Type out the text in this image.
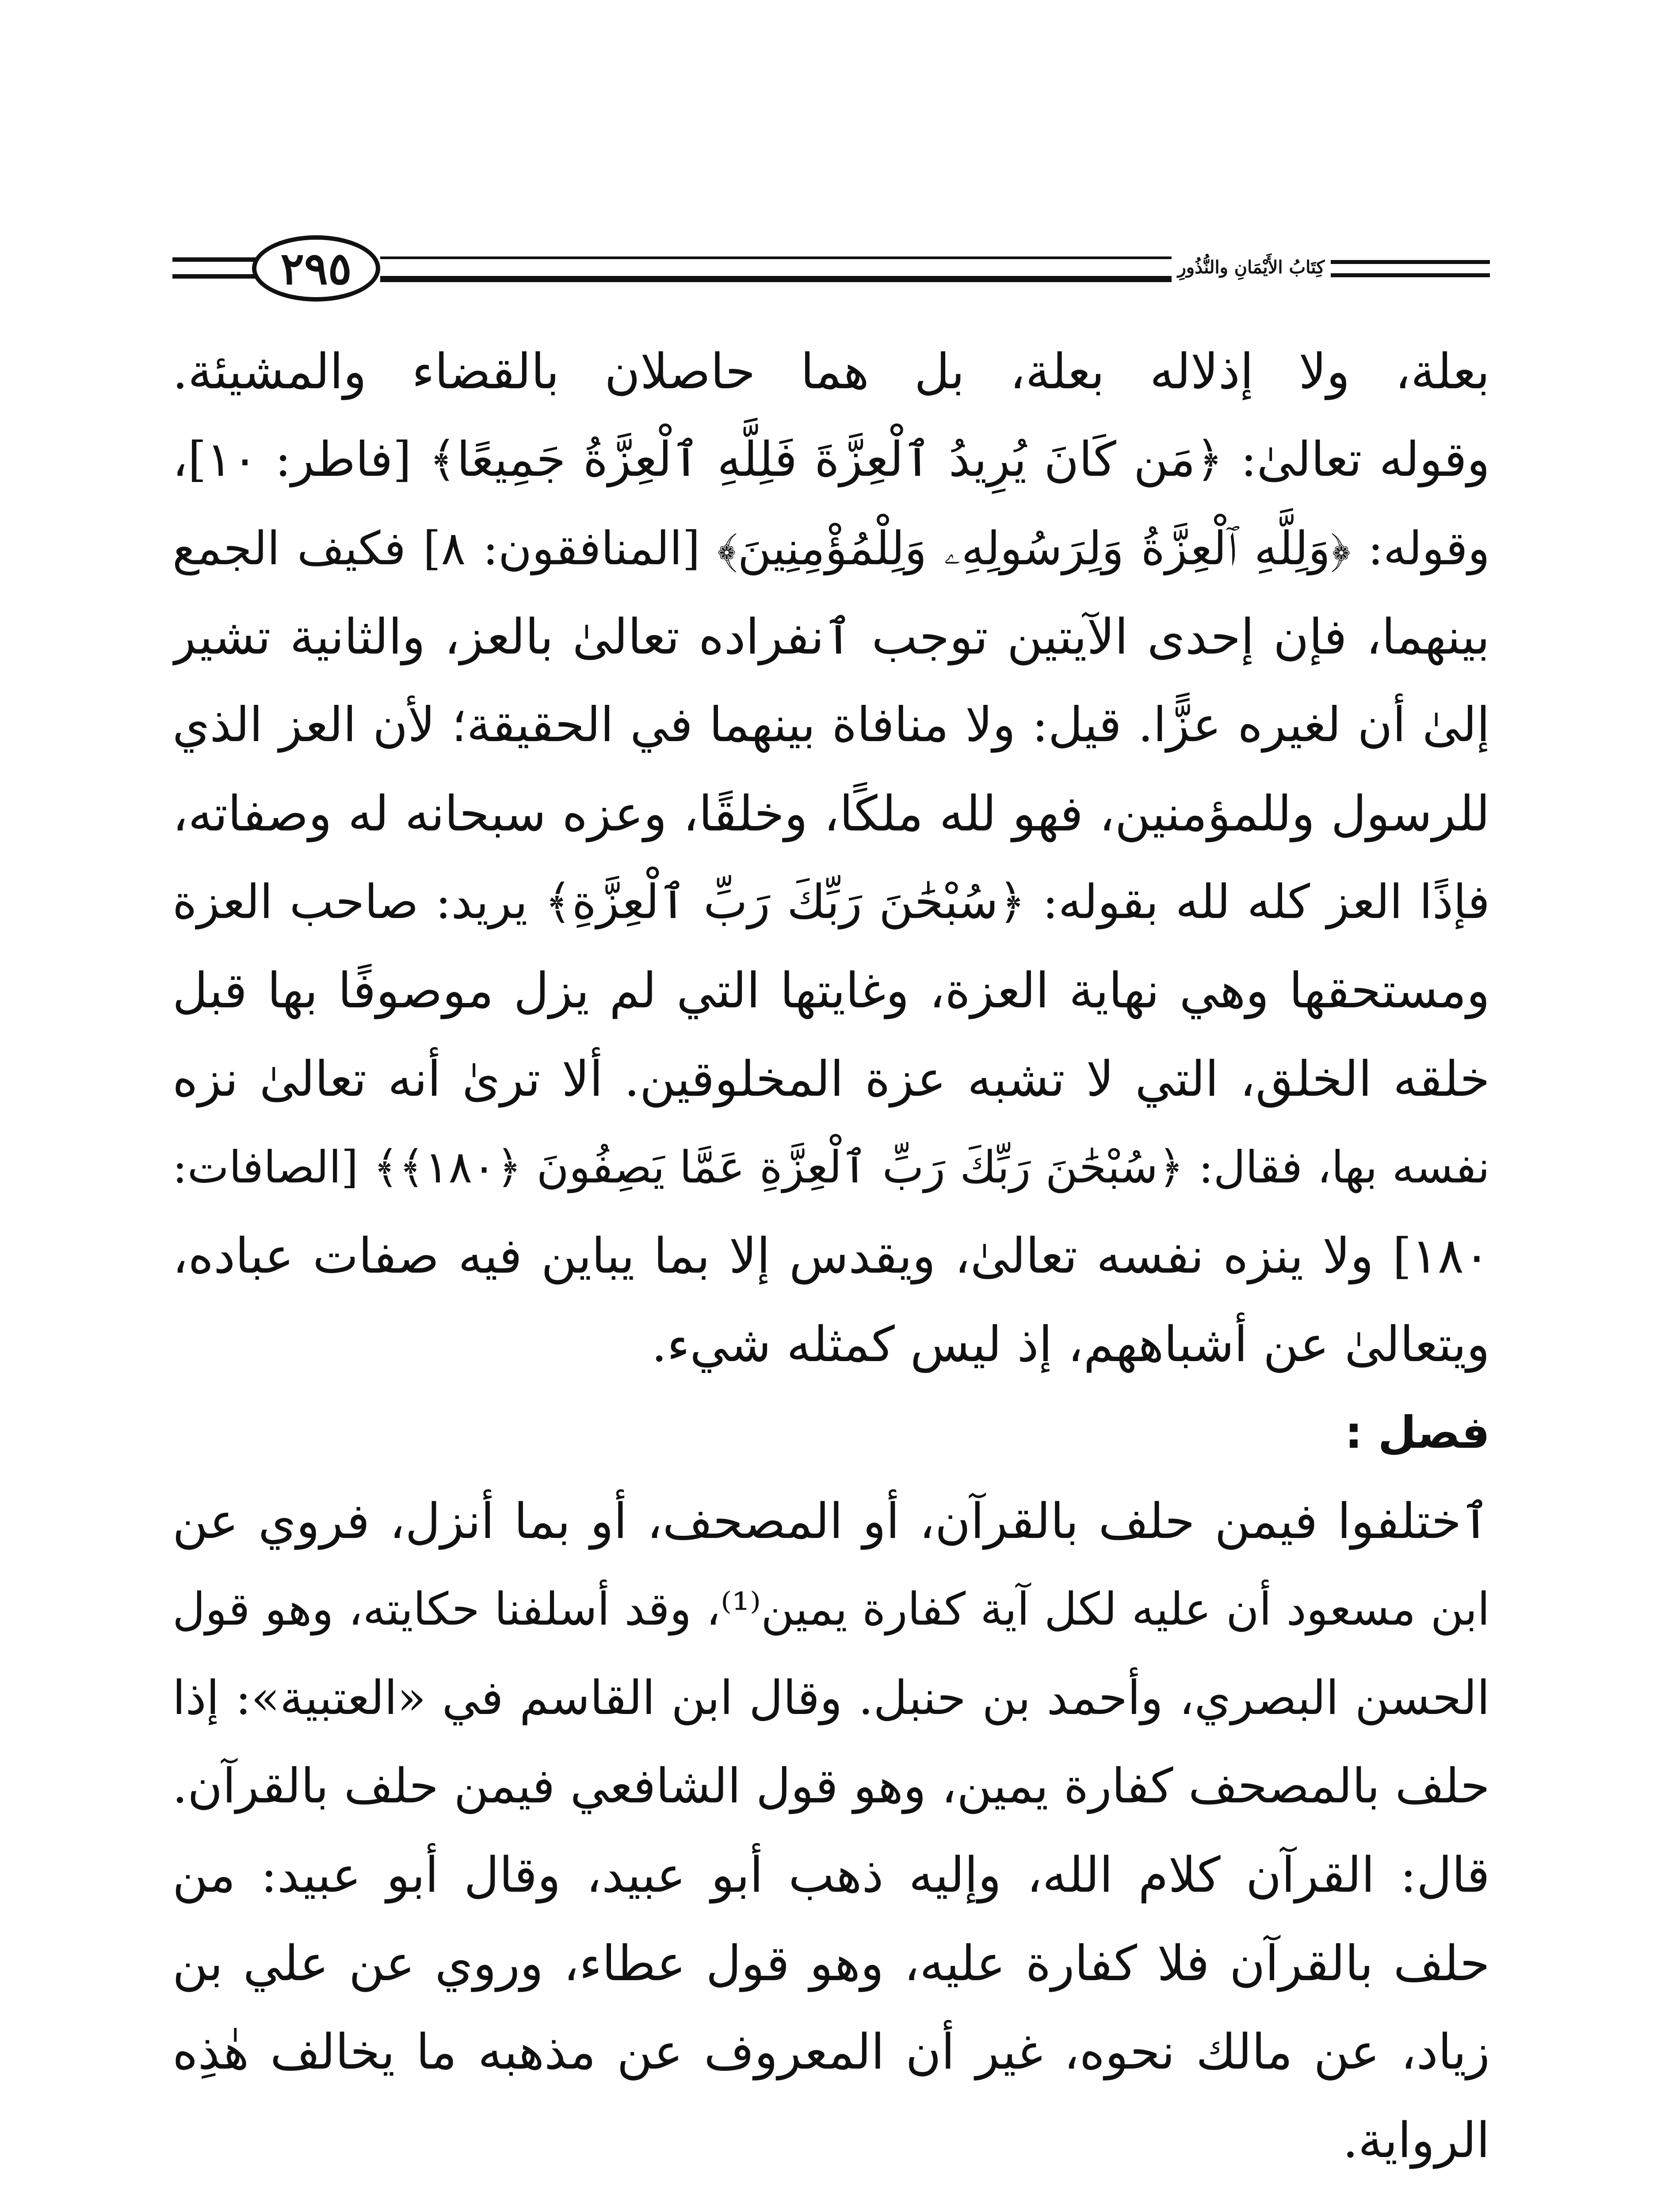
كِتَابُ الأَيْمَانِ والنُّذُورِ
٢٩٥
بعلة، ولا إذلاله بعلة، بل هما حاصلان بالقضاء والمشيئة.
وقوله تعالىٰ: ﴿مَن كَانَ يُرِيدُ ٱلْعِزَّةَ فَلِلَّهِ ٱلْعِزَّةُ جَمِيعًا﴾ [فاطر: ١٠]،
وقوله: ﴿وَلِلَّهِ ٱلْعِزَّةُ وَلِرَسُولِهِۦ وَلِلْمُؤْمِنِينَ﴾ [المنافقون: ٨] فكيف الجمع
بينهما، فإن إحدى الآيتين توجب ٱنفراده تعالىٰ بالعز، والثانية تشير
إلىٰ أن لغيره عزًّا. قيل: ولا منافاة بينهما في الحقيقة؛ لأن العز الذي
للرسول وللمؤمنين، فهو لله ملكًا، وخلقًا، وعزه سبحانه له وصفاته،
فإذًا العز كله لله بقوله: ﴿سُبْحَٰنَ رَبِّكَ رَبِّ ٱلْعِزَّةِ﴾ يريد: صاحب العزة
ومستحقها وهي نهاية العزة، وغايتها التي لم يزل موصوفًا بها قبل
خلقه الخلق، التي لا تشبه عزة المخلوقين. ألا ترىٰ أنه تعالىٰ نزه
نفسه بها، فقال: ﴿سُبْحَٰنَ رَبِّكَ رَبِّ ٱلْعِزَّةِ عَمَّا يَصِفُونَ ﴿١٨٠﴾﴾ [الصافات:
١٨٠] ولا ينزه نفسه تعالىٰ، ويقدس إلا بما يباين فيه صفات عباده،
ويتعالىٰ عن أشباههم، إذ ليس كمثله شيء.
فصل :
ٱختلفوا فيمن حلف بالقرآن، أو المصحف، أو بما أنزل، فروي عن
ابن مسعود أن عليه لكل آية كفارة يمين⁽¹⁾، وقد أسلفنا حكايته، وهو قول
الحسن البصري، وأحمد بن حنبل. وقال ابن القاسم في «العتبية»: إذا
حلف بالمصحف كفارة يمين، وهو قول الشافعي فيمن حلف بالقرآن.
قال: القرآن كلام الله، وإليه ذهب أبو عبيد، وقال أبو عبيد: من
حلف بالقرآن فلا كفارة عليه، وهو قول عطاء، وروي عن علي بن
زياد، عن مالك نحوه، غير أن المعروف عن مذهبه ما يخالف هٰذِه
الرواية.
